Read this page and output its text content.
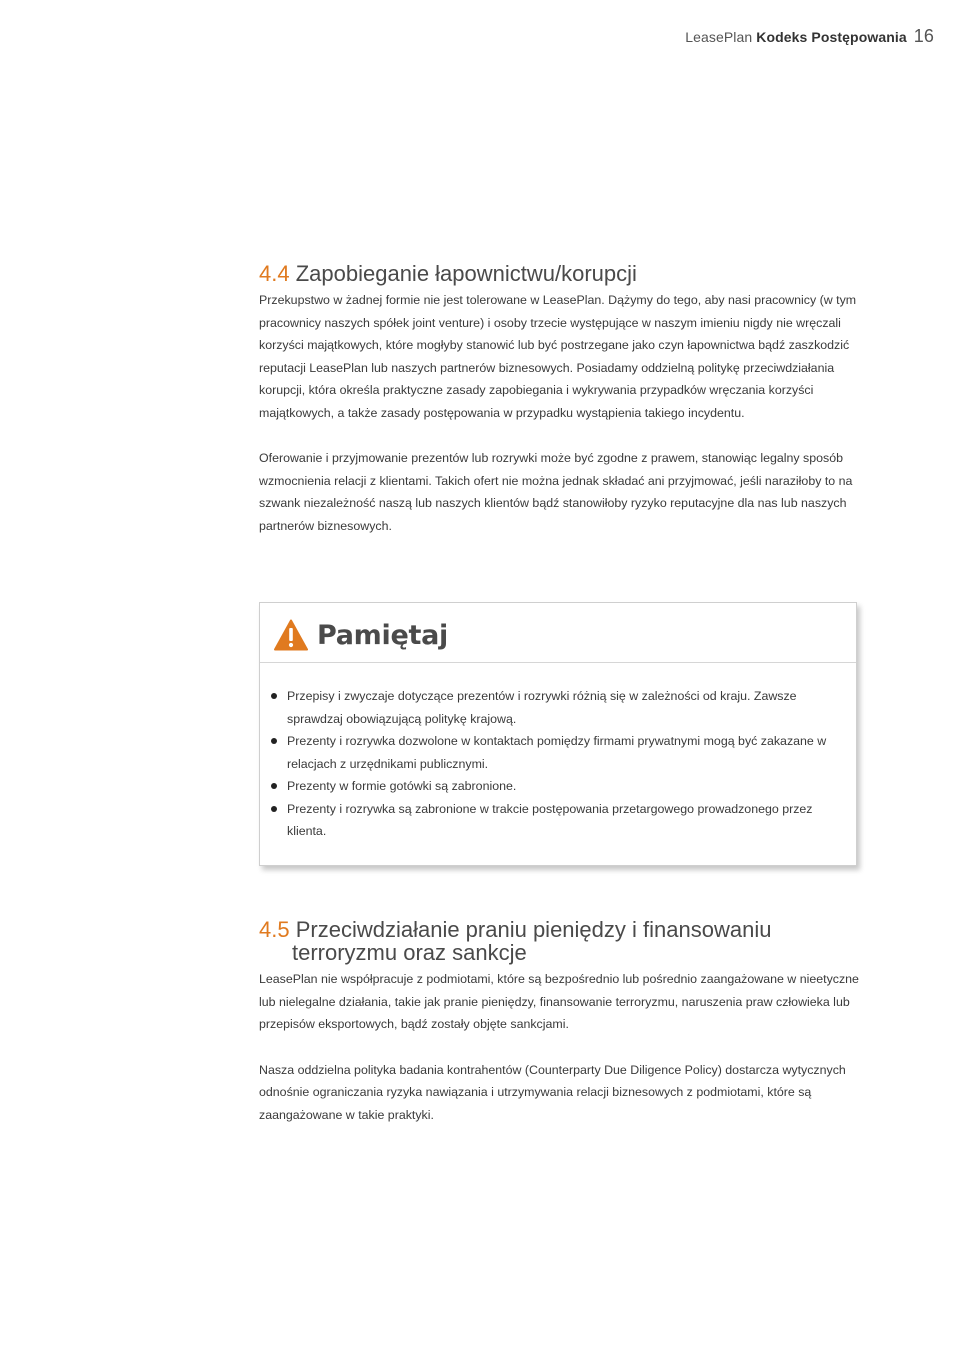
LeasePlan Kodeks Postępowania 16
4.4 Zapobieganie łapownictwu/korupcji

Przekupstwo w żadnej formie nie jest tolerowane w LeasePlan. Dążymy do tego, aby nasi pracownicy (w tym pracownicy naszych spółek joint venture) i osoby trzecie występujące w naszym imieniu nigdy nie wręczali korzyści majątkowych, które mogłyby stanowić lub być postrzegane jako czyn łapownictwa bądź zaszkodzić reputacji LeasePlan lub naszych partnerów biznesowych. Posiadamy oddzielną politykę przeciwdziałania korupcji, która określa praktyczne zasady zapobiegania i wykrywania przypadków wręczania korzyści majątkowych, a także zasady postępowania w przypadku wystąpienia takiego incydentu.

Oferowanie i przyjmowanie prezentów lub rozrywki może być zgodne z prawem, stanowiąc legalny sposób wzmocnienia relacji z klientami. Takich ofert nie można jednak składać ani przyjmować, jeśli naraziłoby to na szwank niezależność naszą lub naszych klientów bądź stanowiłoby ryzyko reputacyjne dla nas lub naszych partnerów biznesowych.

Pamiętaj
Przepisy i zwyczaje dotyczące prezentów i rozrywki różnią się w zależności od kraju. Zawsze sprawdzaj obowiązującą politykę krajową.
Prezenty i rozrywka dozwolone w kontaktach pomiędzy firmami prywatnymi mogą być zakazane w relacjach z urzędnikami publicznymi.
Prezenty w formie gotówki są zabronione.
Prezenty i rozrywka są zabronione w trakcie postępowania przetargowego prowadzonego przez klienta.
4.5 Przeciwdziałanie praniu pieniędzy i finansowaniu
terroryzmu oraz sankcje

LeasePlan nie współpracuje z podmiotami, które są bezpośrednio lub pośrednio zaangażowane w nieetyczne lub nielegalne działania, takie jak pranie pieniędzy, finansowanie terroryzmu, naruszenia praw człowieka lub przepisów eksportowych, bądź zostały objęte sankcjami.

Nasza oddzielna polityka badania kontrahentów (Counterparty Due Diligence Policy) dostarcza wytycznych odnośnie ograniczania ryzyka nawiązania i utrzymywania relacji biznesowych z podmiotami, które są zaangażowane w takie praktyki.
